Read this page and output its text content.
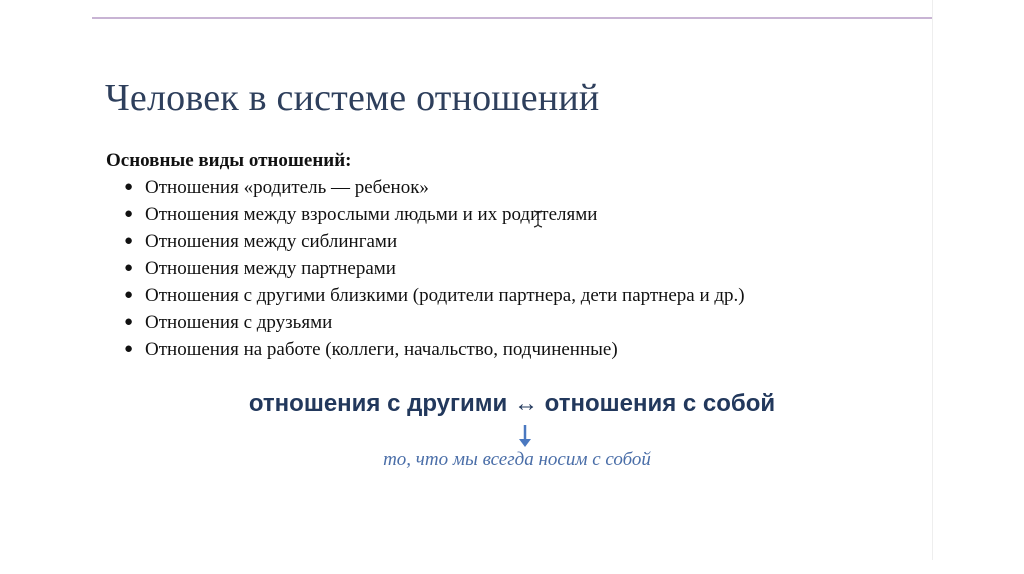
Человек в системе отношений

Основные виды отношений:

● Отношения «родитель — ребенок»
● Отношения между взрослыми людьми и их родителями
● Отношения между сиблингами
● Отношения между партнерами
● Отношения с другими близкими (родители партнера, дети партнера и др.)
● Отношения с друзьями
● Отношения на работе (коллеги, начальство, подчиненные)

отношения с другими ↔ отношения с собой

то, что мы всегда носим с собой
